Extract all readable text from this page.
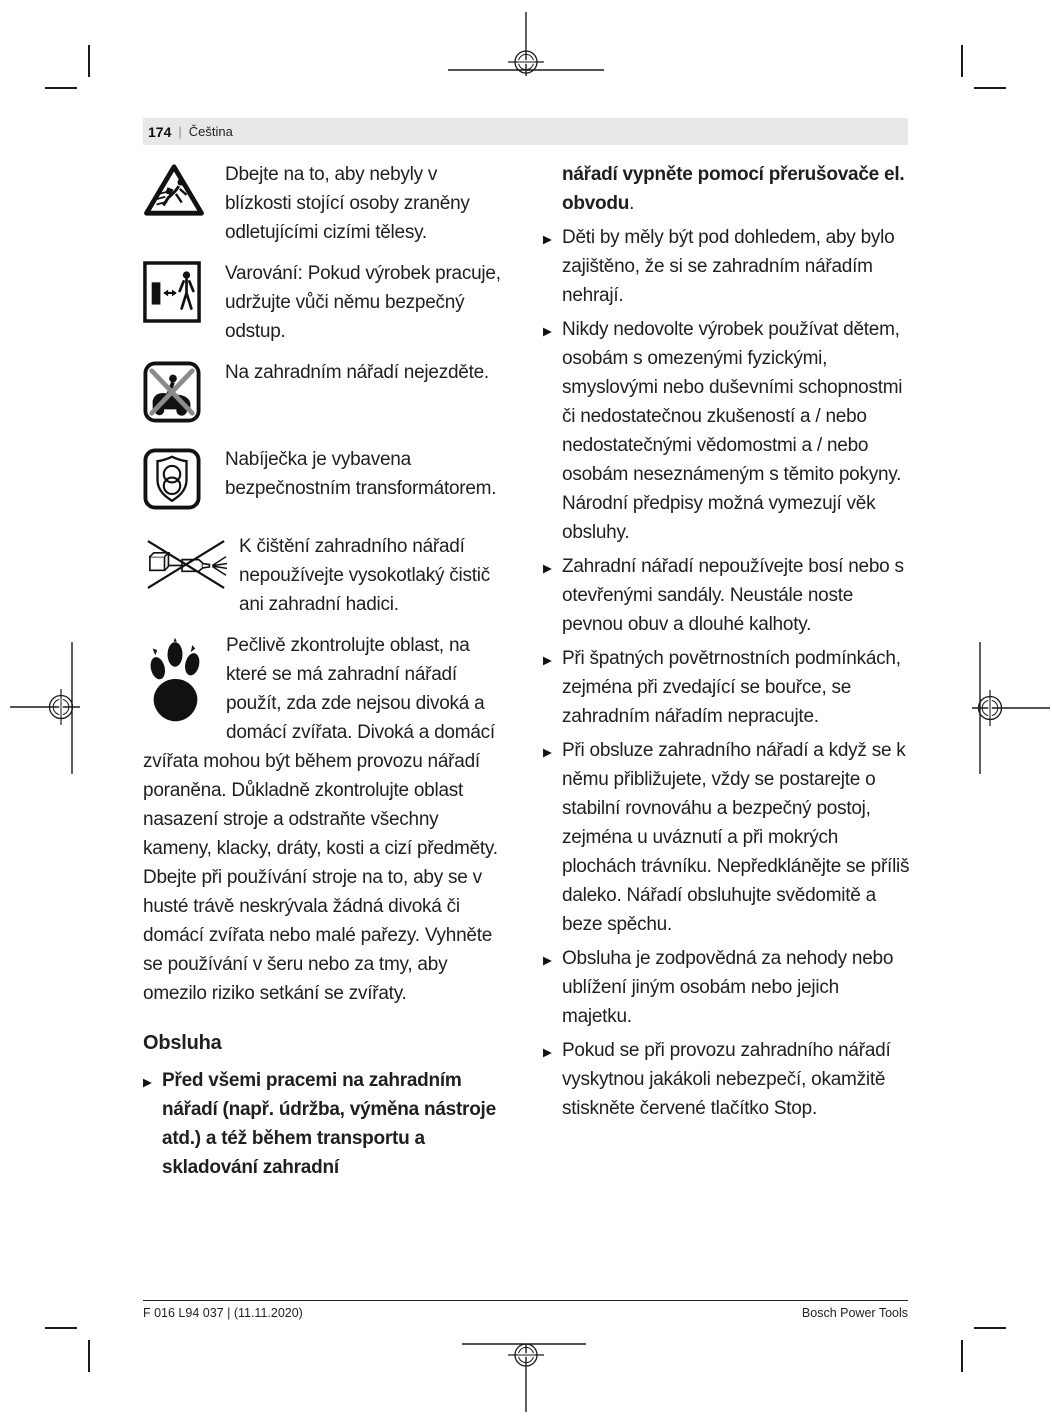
174 | Čeština
Dbejte na to, aby nebyly v blízkosti stojící osoby zraněny odletujícími cizími tělesy.
Varování: Pokud výrobek pracuje, udržujte vůči němu bezpečný odstup.
Na zahradním nářadí nejezděte.
Nabíječka je vybavena bezpečnostním transformátorem.
K čištění zahradního nářadí nepoužívejte vysokotlaký čistič ani zahradní hadici.
Pečlivě zkontrolujte oblast, na které se má zahradní nářadí použít, zda zde nejsou divoká a domácí zvířata. Divoká a domácí zvířata mohou být během provozu nářadí poraněna. Důkladně zkontrolujte oblast nasazení stroje a odstraňte všechny kameny, klacky, dráty, kosti a cizí předměty. Dbejte při používání stroje na to, aby se v husté trávě neskrývala žádná divoká či domácí zvířata nebo malé pařezy. Vyhněte se používání v šeru nebo za tmy, aby omezilo riziko setkání se zvířaty.
Obsluha
▶ Před všemi pracemi na zahradním nářadí (např. údržba, výměna nástroje atd.) a též během transportu a skladování zahradní

nářadí vypněte pomocí přerušovače el. obvodu.

▶ Děti by měly být pod dohledem, aby bylo zajištěno, že si se zahradním nářadím nehrají.
▶ Nikdy nedovolte výrobek používat dětem, osobám s omezenými fyzickými, smyslovými nebo duševními schopnostmi či nedostatečnou zkušeností a / nebo nedostatečnými vědomostmi a / nebo osobám neseznámeným s těmito pokyny. Národní předpisy možná vymezují věk obsluhy.
▶ Zahradní nářadí nepoužívejte bosí nebo s otevřenými sandály. Neustále noste pevnou obuv a dlouhé kalhoty.
▶ Při špatných povětrnostních podmínkách, zejména při zvedající se bouřce, se zahradním nářadím nepracujte.
▶ Při obsluze zahradního nářadí a když se k němu přibližujete, vždy se postarejte o stabilní rovnováhu a bezpečný postoj, zejména u uváznutí a při mokrých plochách trávníku. Nepředklánějte se příliš daleko. Nářadí obsluhujte svědomitě a beze spěchu.
▶ Obsluha je zodpovědná za nehody nebo ublížení jiným osobám nebo jejich majetku.
▶ Pokud se při provozu zahradního nářadí vyskytnou jakákoli nebezpečí, okamžitě stiskněte červené tlačítko Stop.
F 016 L94 037 | (11.11.2020)	Bosch Power Tools
